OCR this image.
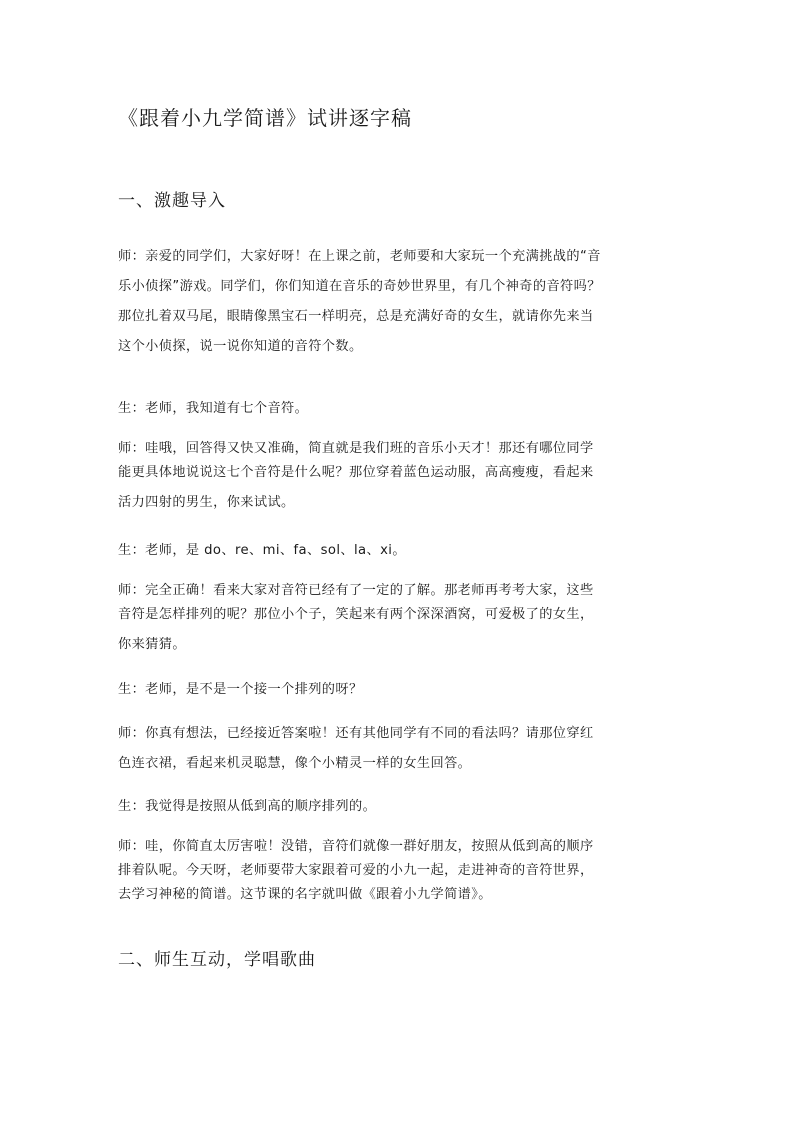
《跟着小九学简谱》试讲逐字稿
一、激趣导入
师：亲爱的同学们，大家好呀！在上课之前，老师要和大家玩一个充满挑战的“音
乐小侦探”游戏。同学们，你们知道在音乐的奇妙世界里，有几个神奇的音符吗？
那位扎着双马尾，眼睛像黑宝石一样明亮，总是充满好奇的女生，就请你先来当
这个小侦探，说一说你知道的音符个数。
生：老师，我知道有七个音符。
师：哇哦，回答得又快又准确，简直就是我们班的音乐小天才！那还有哪位同学
能更具体地说说这七个音符是什么呢？那位穿着蓝色运动服，高高瘦瘦，看起来
活力四射的男生，你来试试。
生：老师，是 do、re、mi、fa、sol、la、xi。
师：完全正确！看来大家对音符已经有了一定的了解。那老师再考考大家，这些
音符是怎样排列的呢？那位小个子，笑起来有两个深深酒窝，可爱极了的女生，
你来猜猜。
生：老师，是不是一个接一个排列的呀？
师：你真有想法，已经接近答案啦！还有其他同学有不同的看法吗？请那位穿红
色连衣裙，看起来机灵聪慧，像个小精灵一样的女生回答。
生：我觉得是按照从低到高的顺序排列的。
师：哇，你简直太厉害啦！没错，音符们就像一群好朋友，按照从低到高的顺序
排着队呢。今天呀，老师要带大家跟着可爱的小九一起，走进神奇的音符世界，
去学习神秘的简谱。这节课的名字就叫做《跟着小九学简谱》。
二、师生互动，学唱歌曲
